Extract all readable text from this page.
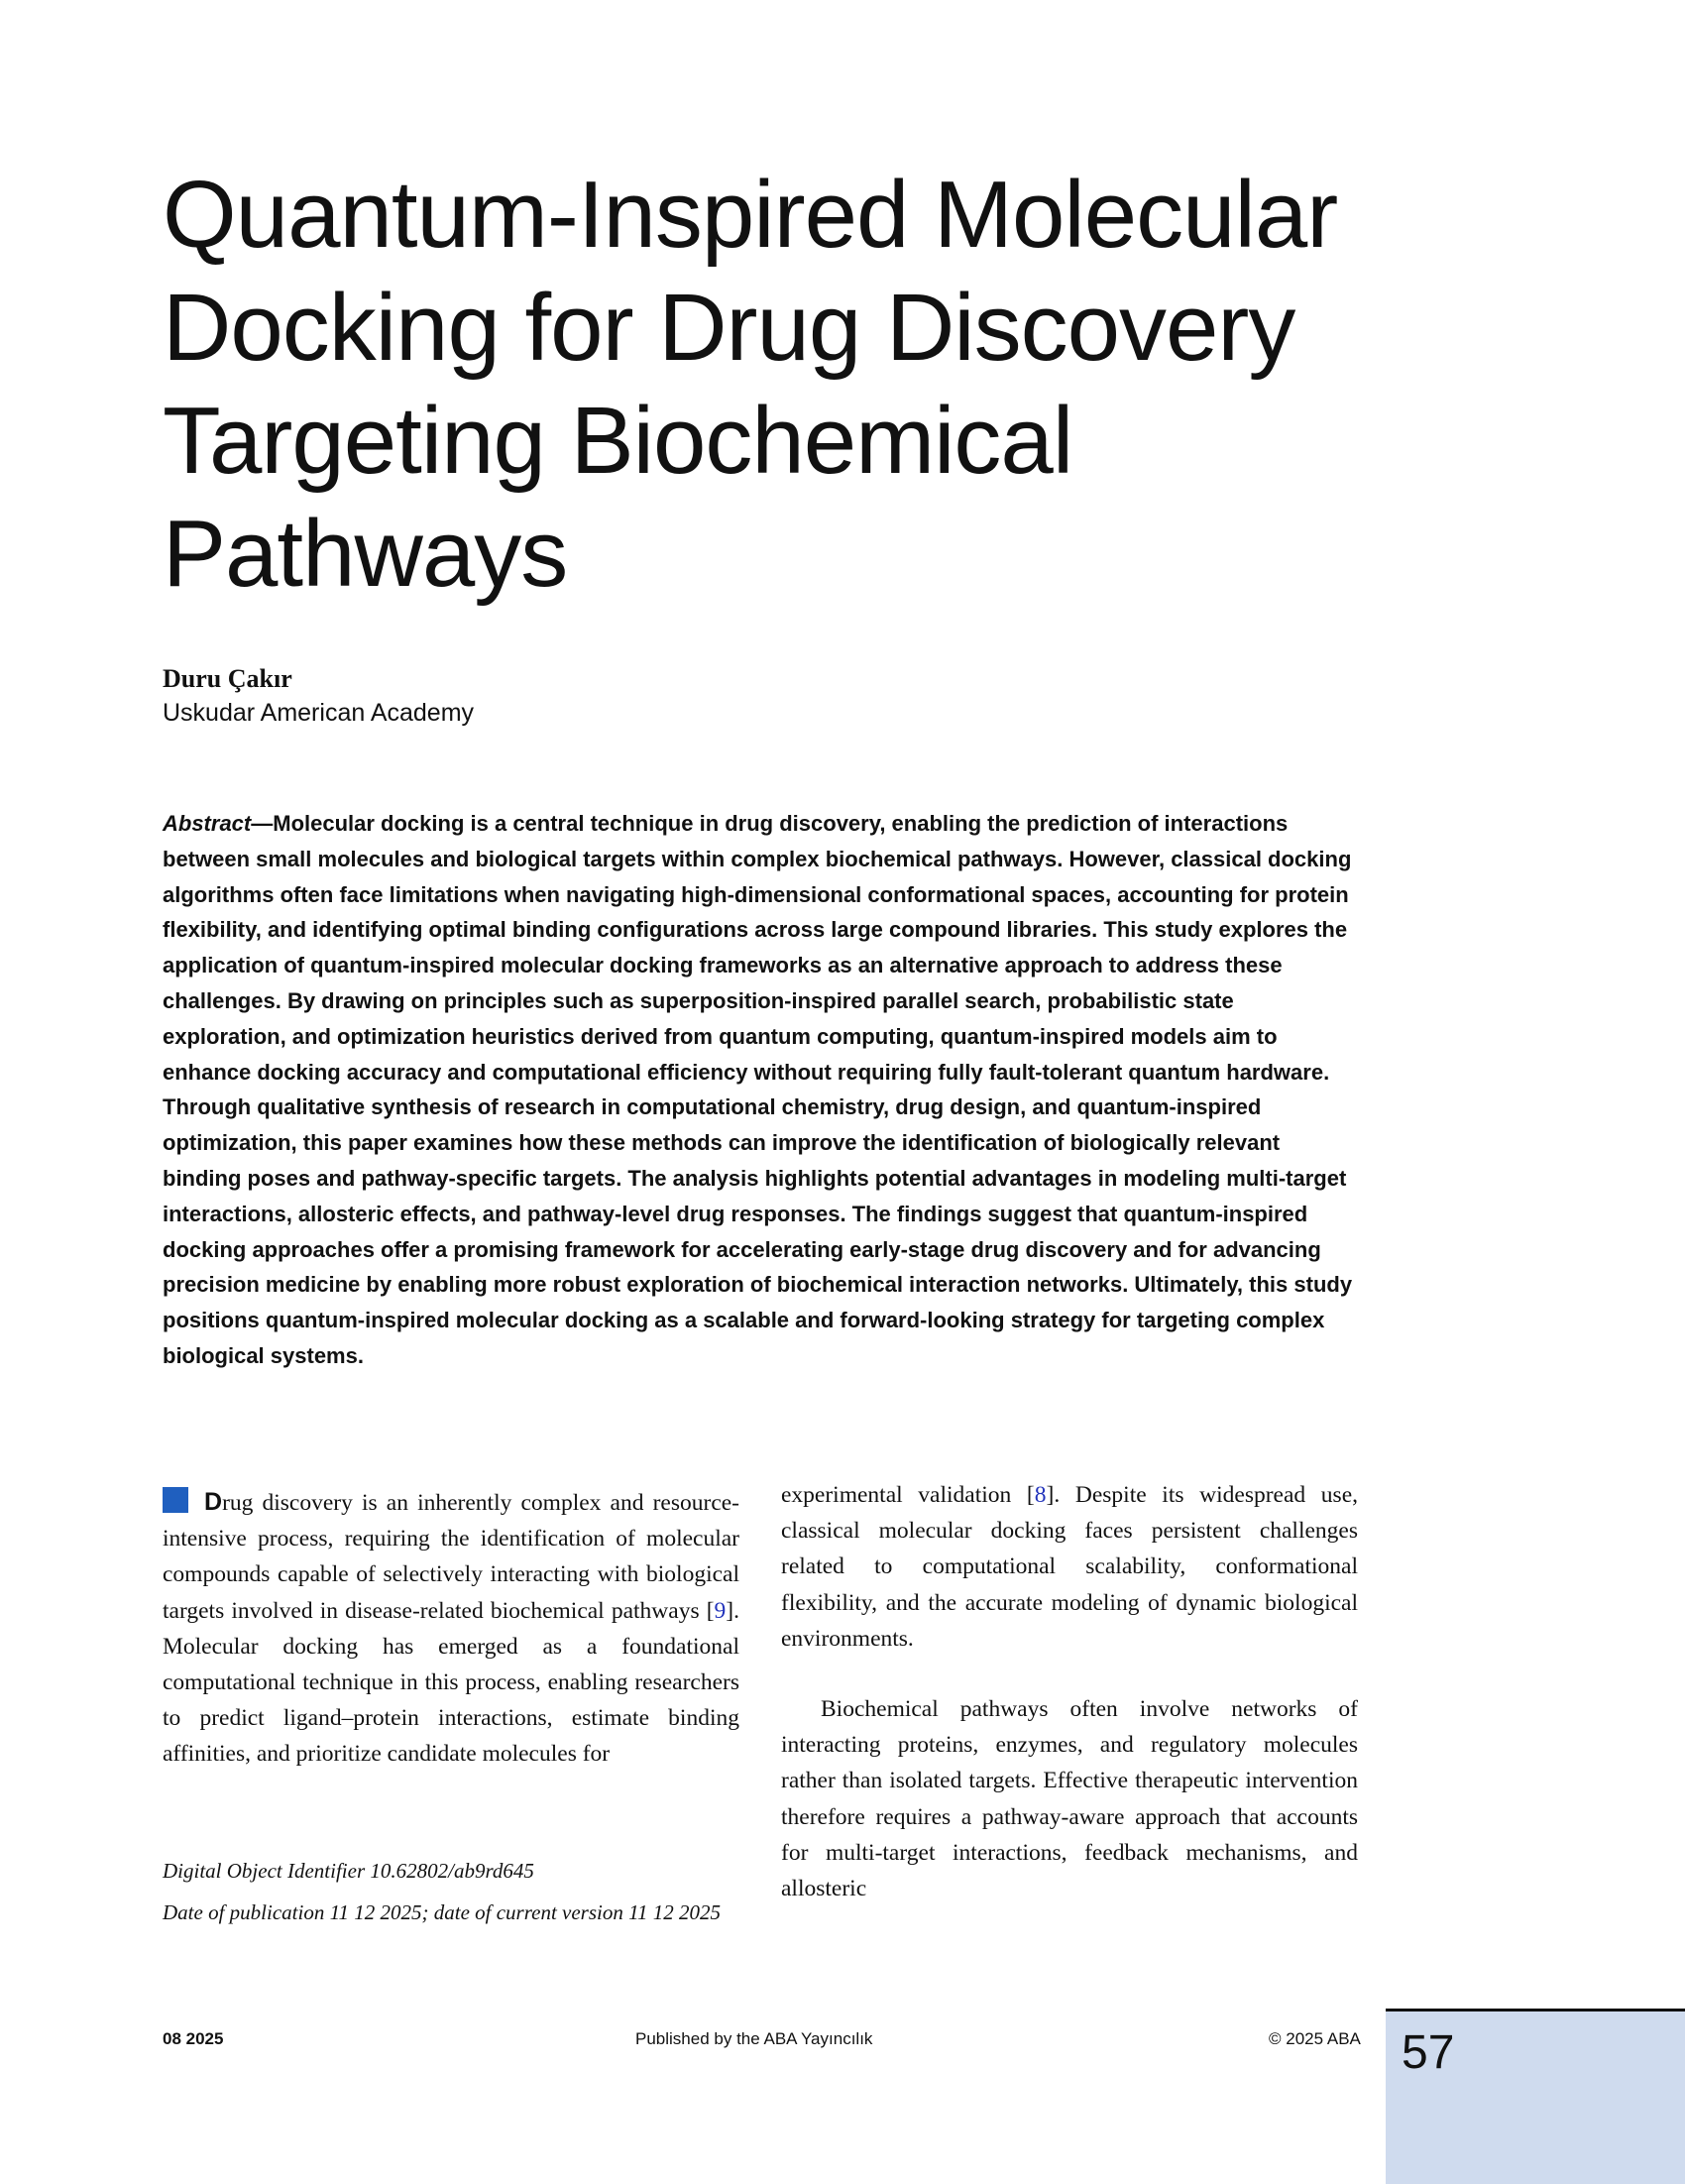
Quantum-Inspired Molecular Docking for Drug Discovery Targeting Biochemical Pathways
Duru Çakır
Uskudar American Academy

Abstract—Molecular docking is a central technique in drug discovery, enabling the prediction of interactions between small molecules and biological targets within complex biochemical pathways. However, classical docking algorithms often face limitations when navigating high-dimensional conformational spaces, accounting for protein flexibility, and identifying optimal binding configurations across large compound libraries. This study explores the application of quantum-inspired molecular docking frameworks as an alternative approach to address these challenges. By drawing on principles such as superposition-inspired parallel search, probabilistic state exploration, and optimization heuristics derived from quantum computing, quantum-inspired models aim to enhance docking accuracy and computational efficiency without requiring fully fault-tolerant quantum hardware. Through qualitative synthesis of research in computational chemistry, drug design, and quantum-inspired optimization, this paper examines how these methods can improve the identification of biologically relevant binding poses and pathway-specific targets. The analysis highlights potential advantages in modeling multi-target interactions, allosteric effects, and pathway-level drug responses. The findings suggest that quantum-inspired docking approaches offer a promising framework for accelerating early-stage drug discovery and for advancing precision medicine by enabling more robust exploration of biochemical interaction networks. Ultimately, this study positions quantum-inspired molecular docking as a scalable and forward-looking strategy for targeting complex biological systems.

Drug discovery is an inherently complex and resource-intensive process, requiring the identification of molecular compounds capable of selectively interacting with biological targets involved in disease-related biochemical pathways [9]. Molecular docking has emerged as a foundational computational technique in this process, enabling researchers to predict ligand–protein interactions, estimate binding affinities, and prioritize candidate molecules for

Digital Object Identifier 10.62802/ab9rd645

Date of publication 11 12 2025; date of current version 11 12 2025

experimental validation [8]. Despite its widespread use, classical molecular docking faces persistent challenges related to computational scalability, conformational flexibility, and the accurate modeling of dynamic biological environments.

Biochemical pathways often involve networks of interacting proteins, enzymes, and regulatory molecules rather than isolated targets. Effective therapeutic intervention therefore requires a pathway-aware approach that accounts for multi-target interactions, feedback mechanisms, and allosteric

08 2025	Published by the ABA Yayıncılık	© 2025 ABA 57
